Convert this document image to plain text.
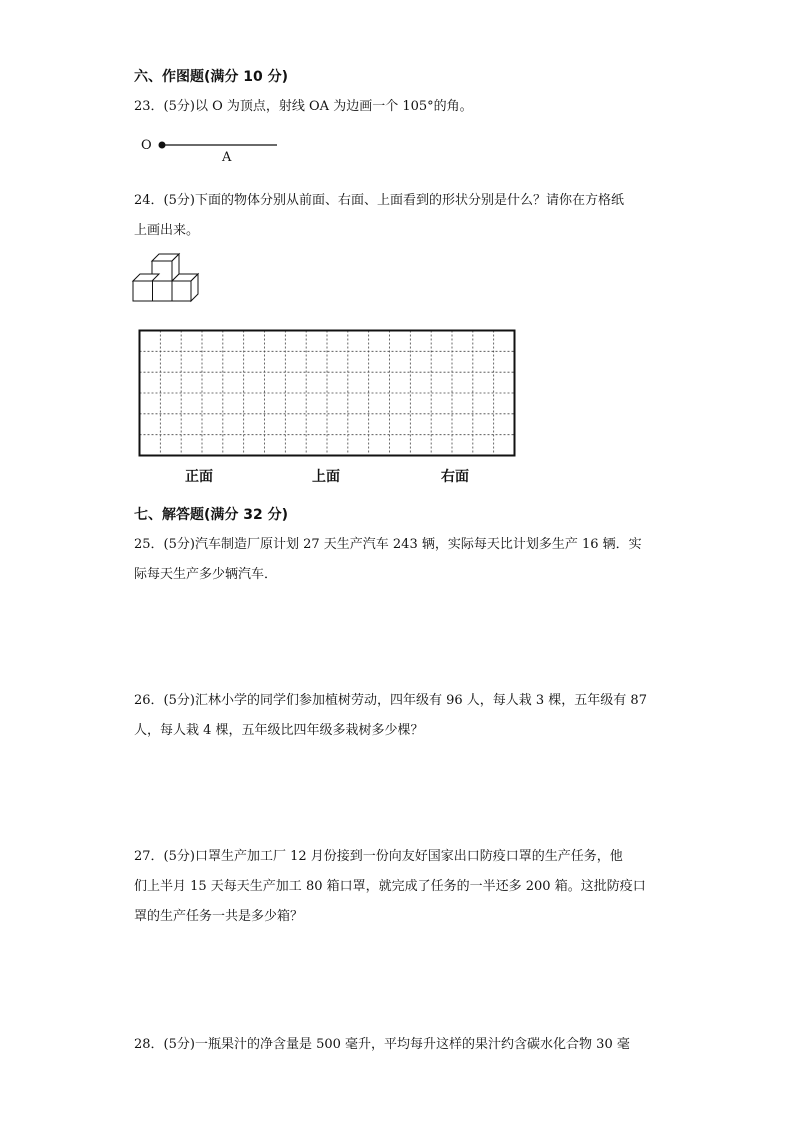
六、作图题(满分 10 分)

23．(5分)以 O 为顶点，射线 OA 为边画一个 105°的角。

O
A

24．(5分)下面的物体分别从前面、右面、上面看到的形状分别是什么？请你在方格纸

上画出来。

正面	上面	右面
七、解答题(满分 32 分)

25．(5分)汽车制造厂原计划 27 天生产汽车 243 辆，实际每天比计划多生产 16 辆．实

际每天生产多少辆汽车．

26．(5分)汇林小学的同学们参加植树劳动，四年级有 96 人，每人栽 3 棵，五年级有 87

人，每人栽 4 棵，五年级比四年级多栽树多少棵？

27．(5分)口罩生产加工厂 12 月份接到一份向友好国家出口防疫口罩的生产任务，他

们上半月 15 天每天生产加工 80 箱口罩，就完成了任务的一半还多 200 箱。这批防疫口

罩的生产任务一共是多少箱？

28．(5分)一瓶果汁的净含量是 500 毫升，平均每升这样的果汁约含碳水化合物 30 毫
